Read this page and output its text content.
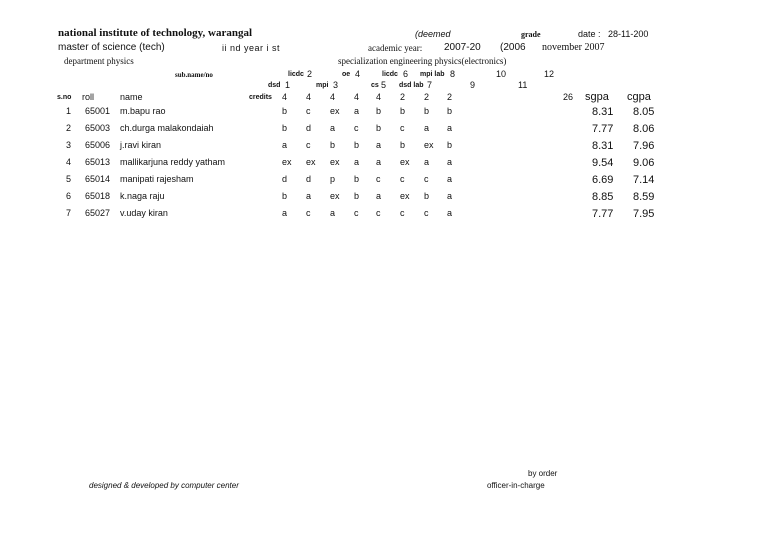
national institute of technology, warangal	(deemed	grade	date : 28-11-200
master of science (tech)	ii nd year i st	academic year: 2007-20 (2006 november 2007
department physics	specialization engineering physics(electronics)
sub.name/no	licdc 2	oe 4	licdc 6 mpi lab 8	10	12
dsd 1	mpi 3	cs 5 dsd lab 7	9	11
s.no roll	name	credits 4 4 4 4 4 2 2 2	26 sgpa cgpa
1 65001 m.bapu rao	b c ex a b b b b	8.31 8.05
2 65003 ch.durga malakondaiah	b d a c b c a a	7.77 8.06
3 65006 j.ravi kiran	a c b b a b ex b	8.31 7.96
4 65013 mallikarjuna reddy yatham	ex ex ex a a ex a a	9.54 9.06
5 65014 manipati rajesham	d d p b c c c a	6.69 7.14
6 65018 k.naga raju	b a ex b a ex b a	8.85 8.59
7 65027 v.uday kiran	a c a c c c c a	7.77 7.95
designed & developed by computer center
by order
officer-in-charge
